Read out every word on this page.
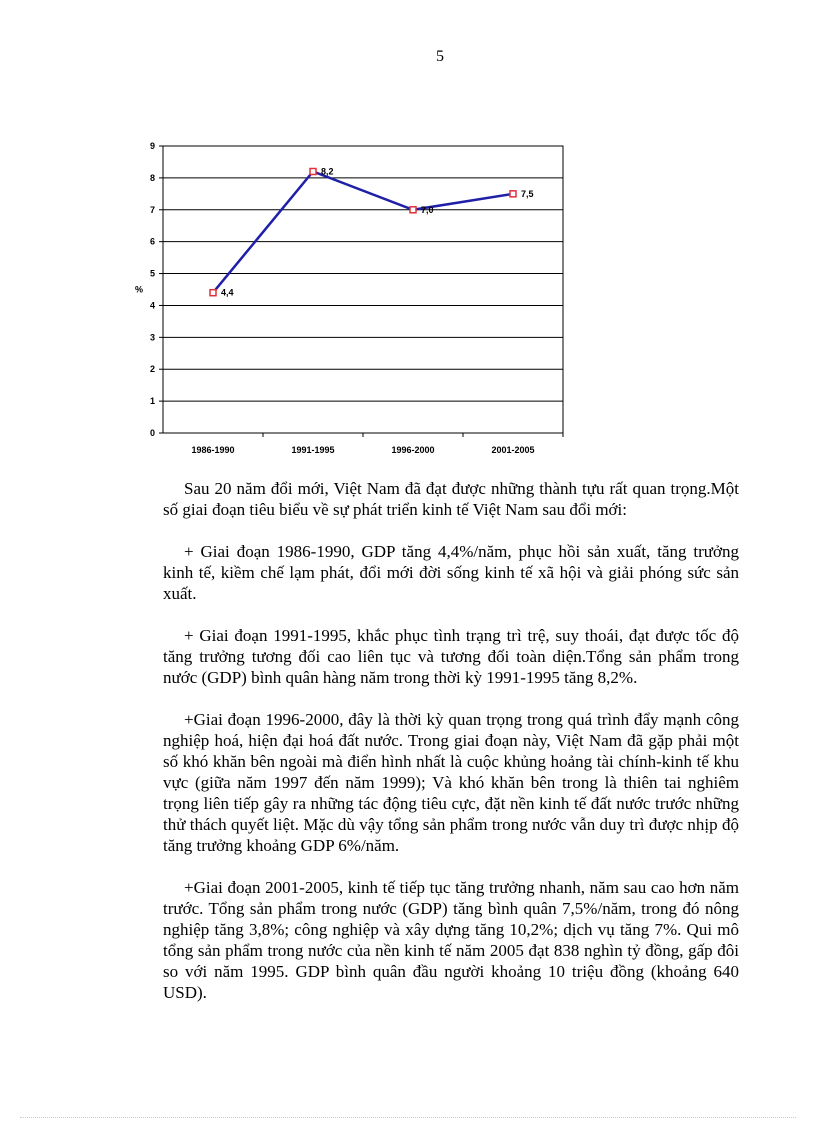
5
0
1
2
3
4
5
6
7
8
9
%
1986-1990	1991-1995	1996-2000	2001-2005
4,4
8,2
7,0
7,5

Sau 20 năm đổi mới, Việt Nam đã đạt được những thành tựu rất quan trọng.Một số giai đoạn tiêu biểu về sự phát triển kinh tế Việt Nam sau đổi mới:

+ Giai đoạn 1986-1990, GDP tăng 4,4%/năm, phục hồi sản xuất, tăng trưởng kinh tế, kiềm chế lạm phát, đổi mới đời sống kinh tế xã hội và giải phóng sức sản xuất.

+ Giai đoạn 1991-1995, khắc phục tình trạng trì trệ, suy thoái, đạt được tốc độ tăng trưởng tương đối cao liên tục và tương đối toàn diện.Tổng sản phẩm trong nước (GDP) bình quân hàng năm trong thời kỳ 1991-1995 tăng 8,2%.

+Giai đoạn 1996-2000, đây là thời kỳ quan trọng trong quá trình đẩy mạnh công nghiệp hoá, hiện đại hoá đất nước. Trong giai đoạn này, Việt Nam đã gặp phải một số khó khăn bên ngoài mà điển hình nhất là cuộc khủng hoảng tài chính-kinh tế khu vực (giữa năm 1997 đến năm 1999); Và khó khăn bên trong là thiên tai nghiêm trọng liên tiếp gây ra những tác động tiêu cực, đặt nền kinh tế đất nước trước những thử thách quyết liệt. Mặc dù vậy tổng sản phẩm trong nước vẫn duy trì được nhịp độ tăng trưởng khoảng GDP 6%/năm.

+Giai đoạn 2001-2005, kinh tế tiếp tục tăng trưởng nhanh, năm sau cao hơn năm trước. Tổng sản phẩm trong nước (GDP) tăng bình quân 7,5%/năm, trong đó nông nghiệp tăng 3,8%; công nghiệp và xây dựng tăng 10,2%; dịch vụ tăng 7%. Qui mô tổng sản phẩm trong nước của nền kinh tế năm 2005 đạt 838 nghìn tỷ đồng, gấp đôi so với năm 1995. GDP bình quân đầu người khoảng 10 triệu đồng (khoảng 640 USD).
